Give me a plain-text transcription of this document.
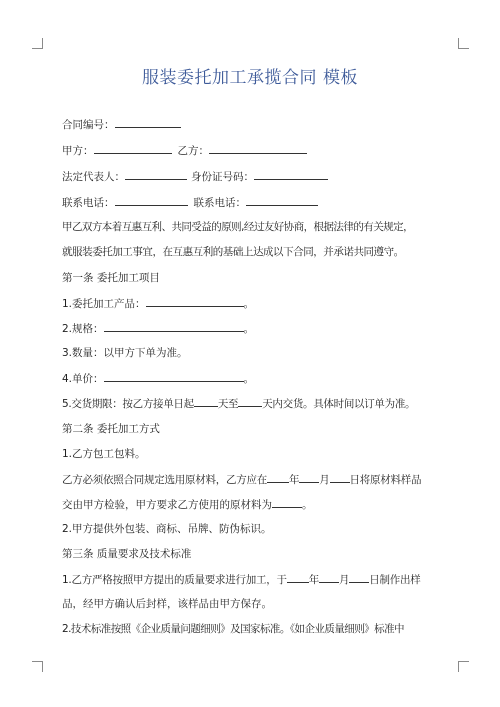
服装委托加工承揽合同 模板
合同编号：
甲方：	乙方：
法定代表人：	身份证号码：
联系电话：	联系电话：
甲乙双方本着互惠互利、共同受益的原则,经过友好协商，根据法律的有关规定，
就服装委托加工事宜，在互惠互利的基础上达成以下合同，并承诺共同遵守。
第一条 委托加工项目
1.委托加工产品：	。
2.规格：	。
3.数量：以甲方下单为准。
4.单价：	。
5.交货期限：按乙方接单日起 天至 天内交货。具体时间以订单为准。
第二条 委托加工方式
1.乙方包工包料。
乙方必须依照合同规定选用原材料，乙方应在 年 月 日将原材料样品
交由甲方检验，甲方要求乙方使用的原材料为	。
2.甲方提供外包装、商标、吊牌、防伪标识。
第三条 质量要求及技术标准
1.乙方严格按照甲方提出的质量要求进行加工，于 年 月 日制作出样
品，经甲方确认后封样，该样品由甲方保存。
2.技术标准按照《企业质量问题细则》及国家标准。《如企业质量细则》标准中
